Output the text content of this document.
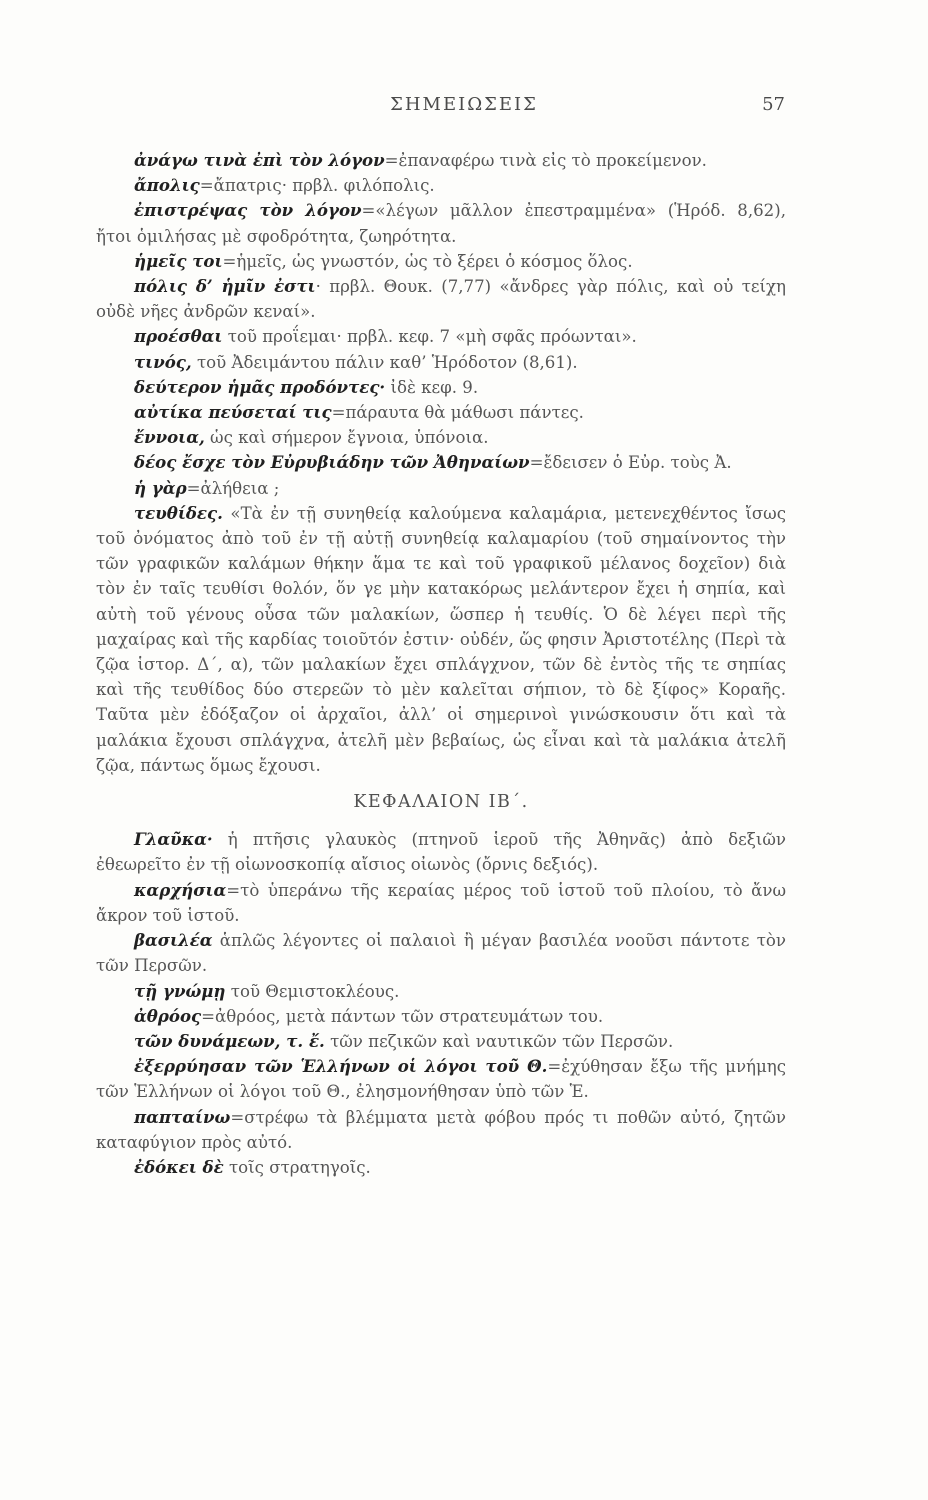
ΣΗΜΕΙΩΣΕΙΣ	57

ἀνάγω τινὰ ἐπὶ τὸν λόγον=ἐπαναφέρω τινὰ εἰς τὸ προκείμενον.

ἄπολις=ἄπατρις· πρβλ. φιλόπολις.

ἐπιστρέψας τὸν λόγον=«λέγων μᾶλλον ἐπεστραμμένα» (Ἡρόδ. 8,62), ἤτοι ὁμιλήσας μὲ σφοδρότητα, ζωηρότητα.

ἡμεῖς τοι=ἡμεῖς, ὡς γνωστόν, ὡς τὸ ξέρει ὁ κόσμος ὅλος.

πόλις δ’ ἡμῖν ἐστι· πρβλ. Θουκ. (7,77) «ἄνδρες γὰρ πόλις, καὶ οὐ τείχη οὐδὲ νῆες ἀνδρῶν κεναί».

προέσθαι τοῦ προΐεμαι· πρβλ. κεφ. 7 «μὴ σφᾶς πρόωνται».

τινός, τοῦ Ἀδειμάντου πάλιν καθ’ Ἡρόδοτον (8,61).

δεύτερον ἡμᾶς προδόντες· ἰδὲ κεφ. 9.

αὐτίκα πεύσεταί τις=πάραυτα θὰ μάθωσι πάντες.

ἔννοια, ὡς καὶ σήμερον ἔγνοια, ὑπόνοια.

δέος ἔσχε τὸν Εὐρυβιάδην τῶν Ἀθηναίων=ἔδεισεν ὁ Εὐρ. τοὺς Ἀ.

ἡ γὰρ=ἀλήθεια ;

τευθίδες. «Τὰ ἐν τῇ συνηθείᾳ καλούμενα καλαμάρια, μετενεχθέντος ἴσως τοῦ ὀνόματος ἀπὸ τοῦ ἐν τῇ αὐτῇ συνηθείᾳ καλαμαρίου (τοῦ σημαίνοντος τὴν τῶν γραφικῶν καλάμων θήκην ἅμα τε καὶ τοῦ γραφικοῦ μέλανος δοχεῖον) διὰ τὸν ἐν ταῖς τευθίσι θολόν, ὅν γε μὴν κατακόρως μελάντερον ἔχει ἡ σηπία, καὶ αὐτὴ τοῦ γένους οὖσα τῶν μαλακίων, ὥσπερ ἡ τευθίς. Ὁ δὲ λέγει περὶ τῆς μαχαίρας καὶ τῆς καρδίας τοιοῦτόν ἐστιν· οὐδέν, ὥς φησιν Ἀριστοτέλης (Περὶ τὰ ζῷα ἱστορ. Δ΄, α), τῶν μαλακίων ἔχει σπλάγχνον, τῶν δὲ ἐντὸς τῆς τε σηπίας καὶ τῆς τευθίδος δύο στερεῶν τὸ μὲν καλεῖται σήπιον, τὸ δὲ ξίφος» Κοραῆς. Ταῦτα μὲν ἐδόξαζον οἱ ἀρχαῖοι, ἀλλ’ οἱ σημερινοὶ γινώσκουσιν ὅτι καὶ τὰ μαλάκια ἔχουσι σπλάγχνα, ἀτελῆ μὲν βεβαίως, ὡς εἶναι καὶ τὰ μαλάκια ἀτελῆ ζῷα, πάντως ὅμως ἔχουσι.

ΚΕΦΑΛΑΙΟΝ ΙΒ΄.

Γλαῦκα· ἡ πτῆσις γλαυκὸς (πτηνοῦ ἱεροῦ τῆς Ἀθηνᾶς) ἀπὸ δεξιῶν ἐθεωρεῖτο ἐν τῇ οἰωνοσκοπίᾳ αἴσιος οἰωνὸς (ὄρνις δεξιός).

καρχήσια=τὸ ὑπεράνω τῆς κεραίας μέρος τοῦ ἱστοῦ τοῦ πλοίου, τὸ ἄνω ἄκρον τοῦ ἱστοῦ.

βασιλέα ἁπλῶς λέγοντες οἱ παλαιοὶ ἢ μέγαν βασιλέα νοοῦσι πάντοτε τὸν τῶν Περσῶν.

τῇ γνώμῃ τοῦ Θεμιστοκλέους.

ἀθρόος=ἀθρόος, μετὰ πάντων τῶν στρατευμάτων του.

τῶν δυνάμεων, τ. ἔ. τῶν πεζικῶν καὶ ναυτικῶν τῶν Περσῶν.

ἐξερρύησαν τῶν Ἑλλήνων οἱ λόγοι τοῦ Θ.=ἐχύθησαν ἔξω τῆς μνήμης τῶν Ἑλλήνων οἱ λόγοι τοῦ Θ., ἐλησμονήθησαν ὑπὸ τῶν Ἑ.

παπταίνω=στρέφω τὰ βλέμματα μετὰ φόβου πρός τι ποθῶν αὐτό, ζητῶν καταφύγιον πρὸς αὐτό.

ἐδόκει δὲ τοῖς στρατηγοῖς.
